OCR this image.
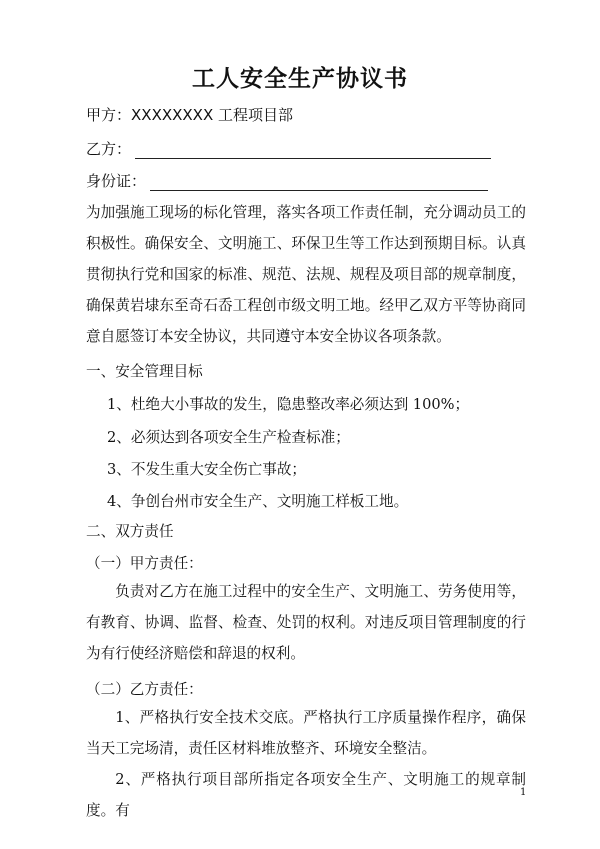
工人安全生产协议书
甲方： XXXXXXXX 工程项目部
乙方：
身份证：
为加强施工现场的标化管理，落实各项工作责任制，充分调动员工的积极性。确保安全、文明施工、环保卫生等工作达到预期目标。认真贯彻执行党和国家的标准、规范、法规、规程及项目部的规章制度，确保黄岩埭东至奇石岙工程创市级文明工地。经甲乙双方平等协商同意自愿签订本安全协议，共同遵守本安全协议各项条款。
一、安全管理目标
1、杜绝大小事故的发生，隐患整改率必须达到 100%；
2、必须达到各项安全生产检查标准；
3、不发生重大安全伤亡事故；
4、争创台州市安全生产、文明施工样板工地。
二、双方责任
（一）甲方责任：
负责对乙方在施工过程中的安全生产、文明施工、劳务使用等，有教育、协调、监督、检查、处罚的权利。对违反项目管理制度的行为有行使经济赔偿和辞退的权利。
（二）乙方责任：
1、严格执行安全技术交底。严格执行工序质量操作程序，确保当天工完场清，责任区材料堆放整齐、环境安全整洁。
2、严格执行项目部所指定各项安全生产、文明施工的规章制度。有
1
